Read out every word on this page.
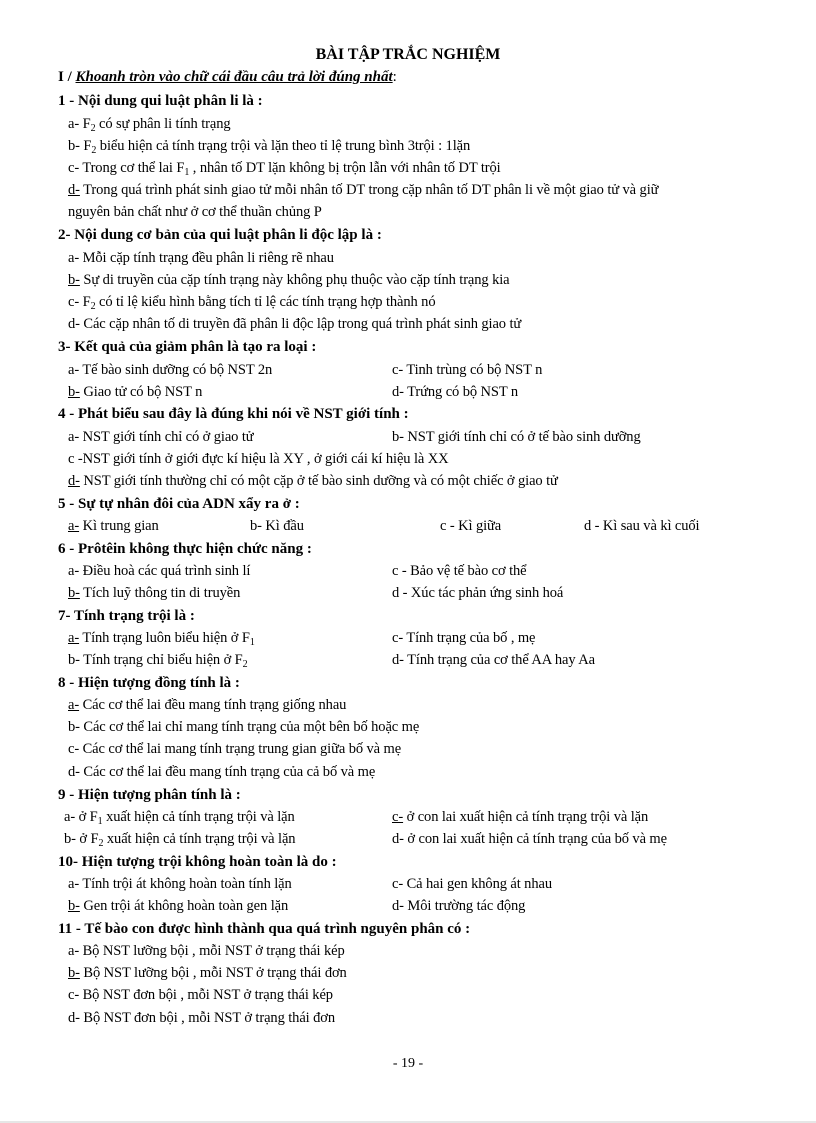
BÀI TẬP TRẮC NGHIỆM
I / Khoanh tròn vào chữ cái đầu câu trả lời đúng nhất:
1 - Nội dung qui luật phân li là :
a- $F_2$ có sự phân li tính trạng
b- $F_2$ biểu hiện cả tính trạng trội và lặn theo tỉ lệ trung bình 3trội : 1lặn
c- Trong cơ thể lai $F_1$ , nhân tố DT lặn không bị trộn lẫn với nhân tố DT trội
d- Trong quá trình phát sinh giao tử mỗi nhân tố DT trong cặp nhân tố DT phân li về một giao tử và giữ
nguyên bản chất như ở cơ thể thuần chủng P
2- Nội dung cơ bản của qui luật phân li độc lập là :
a- Mỗi cặp tính trạng đều phân li riêng rẽ nhau
b- Sự di truyền của cặp tính trạng này không phụ thuộc vào cặp tính trạng kia
c- $F_2$ có tỉ lệ kiểu hình bằng tích tỉ lệ các tính trạng hợp thành nó
d- Các cặp nhân tố di truyền đã phân li độc lập trong quá trình phát sinh giao tử
3- Kết quả của giảm phân là tạo ra loại :
a- Tế bào sinh dưỡng có bộ NST 2n	c- Tinh trùng có bộ NST n
b- Giao tử có bộ NST n	d- Trứng có bộ NST n
4 - Phát biểu sau đây là đúng khi nói về NST giới tính :
a- NST giới tính chỉ có ở giao tử	b- NST giới tính chỉ có ở tế bào sinh dưỡng
c -NST giới tính ở giới đực kí hiệu là XY , ở giới cái kí hiệu là XX
d- NST giới tính thường chỉ có một cặp ở tế bào sinh dưỡng và có một chiếc ở giao tử
5 - Sự tự nhân đôi của ADN xẩy ra ở :
a- Kì trung gian	b- Kì đầu	c - Kì giữa	d - Kì sau và kì cuối
6 - Prôtêin không thực hiện chức năng :
a- Điều hoà các quá trình sinh lí	c - Bảo vệ tế bào cơ thể
b- Tích luỹ thông tin di truyền	d - Xúc tác phản ứng sinh hoá
7- Tính trạng trội là :
a- Tính trạng luôn biểu hiện ở $F_1$	c- Tính trạng của bố , mẹ
b- Tính trạng chỉ biểu hiện ở $F_2$	d- Tính trạng của cơ thể AA hay Aa
8 - Hiện tượng đồng tính là :
a- Các cơ thể lai đều mang tính trạng giống nhau
b- Các cơ thể lai chỉ mang tính trạng của một bên bố hoặc mẹ
c- Các cơ thể lai mang tính trạng trung gian giữa bố và mẹ
d- Các cơ thể lai đều mang tính trạng của cả bố và mẹ
9 - Hiện tượng phân tính là :
a- ở $F_1$ xuất hiện cả tính trạng trội và lặn	c- ở con lai xuất hiện cả tính trạng trội và lặn
b- ở $F_2$ xuất hiện cả tính trạng trội và lặn	d- ở con lai xuất hiện cả tính trạng của bố và mẹ
10- Hiện tượng trội không hoàn toàn là do :
a- Tính trội át không hoàn toàn tính lặn	c- Cả hai gen không át nhau
b- Gen trội át không hoàn toàn gen lặn	d- Môi trường tác động
11 - Tế bào con được hình thành qua quá trình nguyên phân có :
a- Bộ NST lưỡng bội , mỗi NST ở trạng thái kép
b- Bộ NST lưỡng bội , mỗi NST ở trạng thái đơn
c- Bộ NST đơn bội , mỗi NST ở trạng thái kép
d- Bộ NST đơn bội , mỗi NST ở trạng thái đơn
- 19 -
